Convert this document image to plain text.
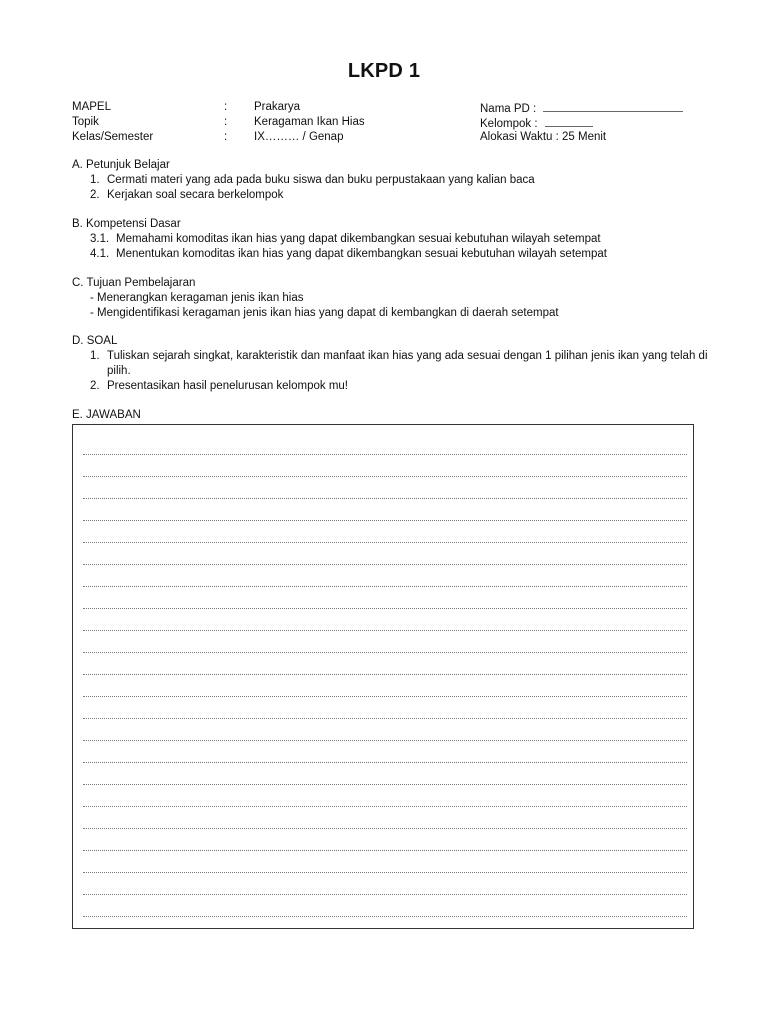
LKPD 1
MAPEL	: Prakarya	Nama PD :
Topik	: Keragaman Ikan Hias	Kelompok :
Kelas/Semester	: IX……… / Genap	Alokasi Waktu : 25 Menit
A. Petunjuk Belajar
1. Cermati materi yang ada pada buku siswa dan buku perpustakaan yang kalian baca
2. Kerjakan soal secara berkelompok
B. Kompetensi Dasar
3.1. Memahami komoditas ikan hias yang dapat dikembangkan sesuai kebutuhan wilayah setempat
4.1. Menentukan komoditas ikan hias yang dapat dikembangkan sesuai kebutuhan wilayah setempat
C. Tujuan Pembelajaran
- Menerangkan keragaman jenis ikan hias
- Mengidentifikasi keragaman jenis ikan hias yang dapat di kembangkan di daerah setempat
D. SOAL
1. Tuliskan sejarah singkat, karakteristik dan manfaat ikan hias yang ada sesuai dengan 1 pilihan jenis ikan yang telah di pilih.
2. Presentasikan hasil penelurusan kelompok mu!
E. JAWABAN
